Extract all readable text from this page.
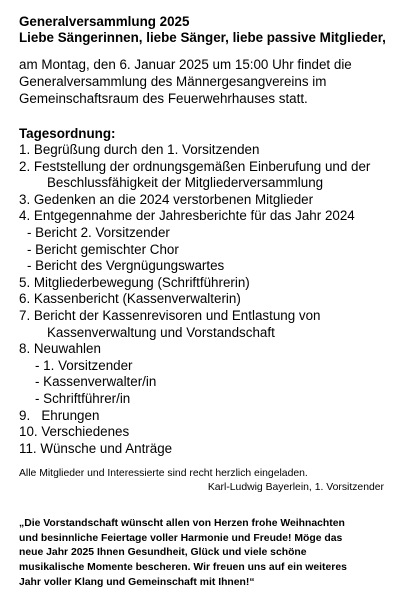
Generalversammlung 2025
Liebe Sängerinnen, liebe Sänger, liebe passive Mitglieder,
am Montag, den 6. Januar 2025 um 15:00 Uhr findet die
Generalversammlung des Männergesangvereins im
Gemeinschaftsraum des Feuerwehrhauses statt.
Tagesordnung:
1. Begrüßung durch den 1. Vorsitzenden
2. Feststellung der ordnungsgemäßen Einberufung und der
Beschlussfähigkeit der Mitgliederversammlung
3. Gedenken an die 2024 verstorbenen Mitglieder
4. Entgegennahme der Jahresberichte für das Jahr 2024
- Bericht 2. Vorsitzender
- Bericht gemischter Chor
- Bericht des Vergnügungswartes
5. Mitgliederbewegung (Schriftführerin)
6. Kassenbericht (Kassenverwalterin)
7. Bericht der Kassenrevisoren und Entlastung von
Kassenverwaltung und Vorstandschaft
8. Neuwahlen
- 1. Vorsitzender
- Kassenverwalter/in
- Schriftführer/in
9.   Ehrungen
10. Verschiedenes
11. Wünsche und Anträge
Alle Mitglieder und Interessierte sind recht herzlich eingeladen.
Karl-Ludwig Bayerlein, 1. Vorsitzender
„Die Vorstandschaft wünscht allen von Herzen frohe Weihnachten
und besinnliche Feiertage voller Harmonie und Freude! Möge das
neue Jahr 2025 Ihnen Gesundheit, Glück und viele schöne
musikalische Momente bescheren. Wir freuen uns auf ein weiteres
Jahr voller Klang und Gemeinschaft mit Ihnen!“
